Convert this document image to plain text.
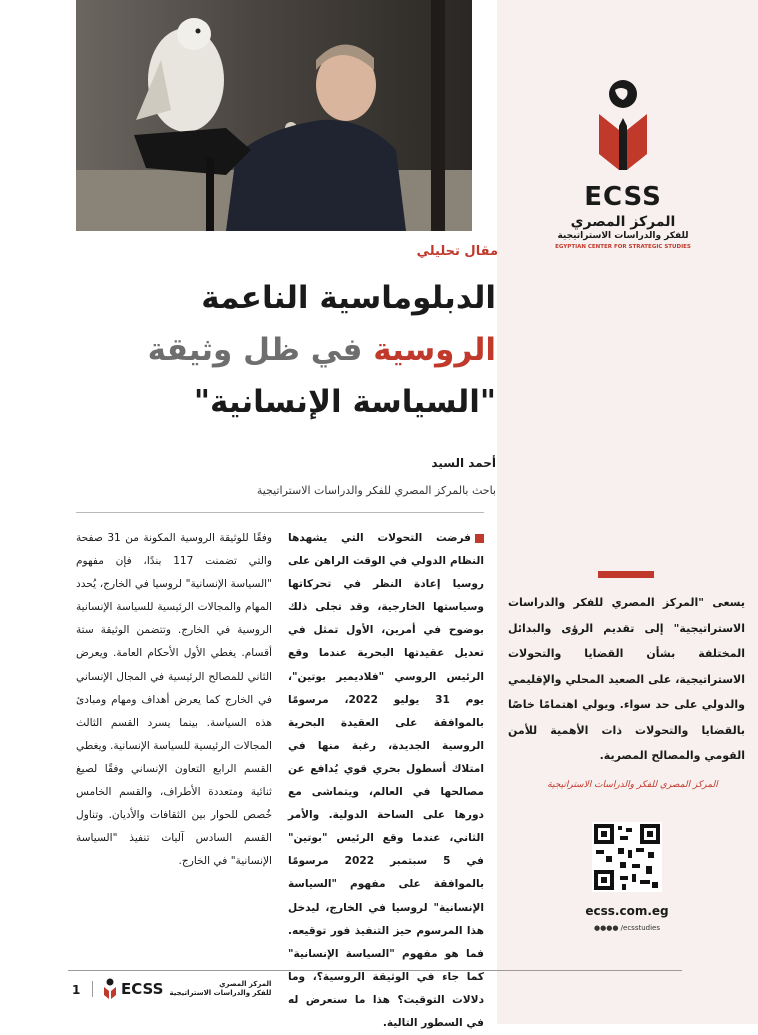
ECSS
المركز المصري
للفكر والدراسات الاستراتيجية
EGYPTIAN CENTER FOR STRATEGIC STUDIES
مقال تحليلي
الدبلوماسية الناعمة
الروسية في ظل وثيقة
"السياسة الإنسانية"
أحمد السيد
باحث بالمركز المصري للفكر والدراسات الاستراتيجية
فرضت التحولات التي يشهدها النظام الدولي في الوقت الراهن على روسيا إعادة النظر في تحركاتها وسياستها الخارجية، وقد تجلى ذلك بوضوح في أمرين، الأول تمثل في تعديل عقيدتها البحرية عندما وقع الرئيس الروسي "فلاديمير بوتين"، يوم 31 يوليو 2022، مرسومًا بالموافقة على العقيدة البحرية الروسية الجديدة، رغبة منها في امتلاك أسطول بحري قوي يُدافع عن مصالحها في العالم، ويتماشى مع دورها على الساحة الدولية. والأمر الثاني، عندما وقع الرئيس "بوتين" في 5 سبتمبر 2022 مرسومًا بالموافقة على مفهوم "السياسة الإنسانية" لروسيا في الخارج، ليدخل هذا المرسوم حيز التنفيذ فور توقيعه. فما هو مفهوم "السياسة الإنسانية" كما جاء في الوثيقة الروسية؟، وما دلالات التوقيت؟ هذا ما سنعرض له في السطور التالية.
وفقًا للوثيقة الروسية المكونة من 31 صفحة والتي تضمنت 117 بندًا، فإن مفهوم "السياسة الإنسانية" لروسيا في الخارج، يُحدد المهام والمجالات الرئيسية للسياسة الإنسانية الروسية في الخارج. وتتضمن الوثيقة ستة أقسام. يغطي الأول الأحكام العامة. ويعرض الثاني للمصالح الرئيسية في المجال الإنساني في الخارج كما يعرض أهداف ومهام ومبادئ هذه السياسة. بينما يسرد القسم الثالث المجالات الرئيسية للسياسة الإنسانية. ويغطي القسم الرابع التعاون الإنساني وفقًا لصيغ ثنائية ومتعددة الأطراف، والقسم الخامس خُصص للحوار بين الثقافات والأديان. وتناول القسم السادس آليات تنفيذ "السياسة الإنسانية" في الخارج.
يسعى "المركز المصري للفكر والدراسات الاستراتيجية" إلى تقديم الرؤى والبدائل المختلفة بشأن القضايا والتحولات الاستراتيجية، على الصعيد المحلي والإقليمي والدولي على حد سواء. ويولي اهتمامًا خاصًا بالقضايا والتحولات ذات الأهمية للأمن القومي والمصالح المصرية.
المركز المصري للفكر والدراسات الاستراتيجية
ecss.com.eg
●●●● /ecsstudies
1	ECSS	المركز المصري
للفكر والدراسات الاستراتيجية
